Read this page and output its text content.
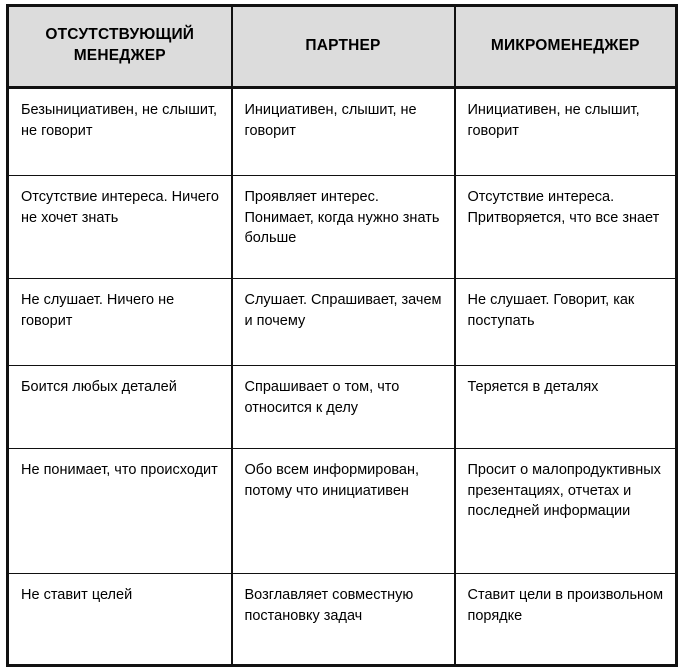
ОТСУТСТВУЮЩИЙ МЕНЕДЖЕР	ПАРТНЕР	МИКРОМЕНЕДЖЕР
Безынициативен, не слышит, не говорит	Инициативен, слышит, не говорит	Инициативен, не слышит, говорит
Отсутствие интереса. Ничего не хочет знать	Проявляет интерес. Понимает, когда нужно знать больше	Отсутствие интереса. Притворяется, что все знает
Не слушает. Ничего не говорит	Слушает. Спрашивает, зачем и почему	Не слушает. Говорит, как поступать
Боится любых деталей	Спрашивает о том, что относится к делу	Теряется в деталях
Не понимает, что происходит	Обо всем информирован, потому что инициативен	Просит о малопродуктивных презентациях, отчетах и последней информации
Не ставит целей	Возглавляет совместную постановку задач	Ставит цели в произвольном порядке
